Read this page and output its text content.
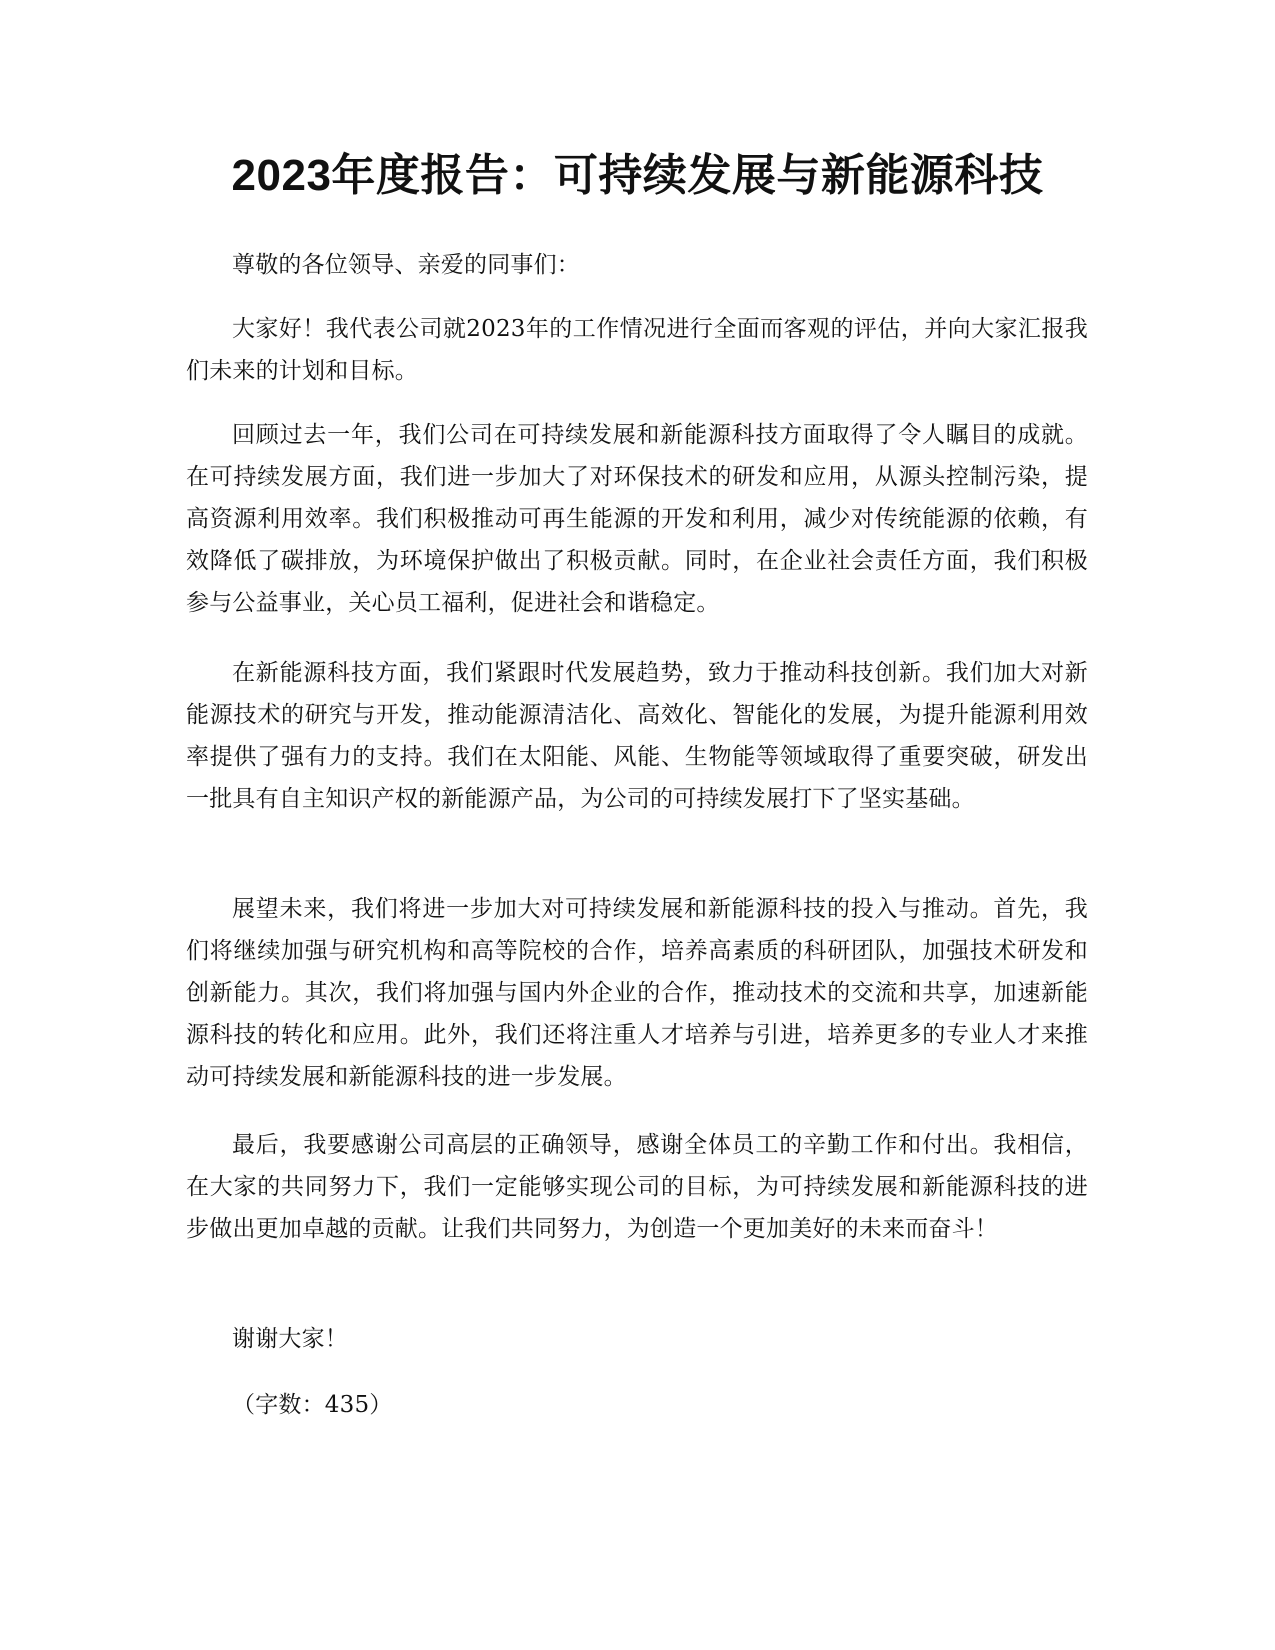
2023年度报告：可持续发展与新能源科技

尊敬的各位领导、亲爱的同事们：

大家好！我代表公司就2023年的工作情况进行全面而客观的评估，并向大家汇报我们未来的计划和目标。

回顾过去一年，我们公司在可持续发展和新能源科技方面取得了令人瞩目的成就。在可持续发展方面，我们进一步加大了对环保技术的研发和应用，从源头控制污染，提高资源利用效率。我们积极推动可再生能源的开发和利用，减少对传统能源的依赖，有效降低了碳排放，为环境保护做出了积极贡献。同时，在企业社会责任方面，我们积极参与公益事业，关心员工福利，促进社会和谐稳定。

在新能源科技方面，我们紧跟时代发展趋势，致力于推动科技创新。我们加大对新能源技术的研究与开发，推动能源清洁化、高效化、智能化的发展，为提升能源利用效率提供了强有力的支持。我们在太阳能、风能、生物能等领域取得了重要突破，研发出一批具有自主知识产权的新能源产品，为公司的可持续发展打下了坚实基础。

展望未来，我们将进一步加大对可持续发展和新能源科技的投入与推动。首先，我们将继续加强与研究机构和高等院校的合作，培养高素质的科研团队，加强技术研发和创新能力。其次，我们将加强与国内外企业的合作，推动技术的交流和共享，加速新能源科技的转化和应用。此外，我们还将注重人才培养与引进，培养更多的专业人才来推动可持续发展和新能源科技的进一步发展。

最后，我要感谢公司高层的正确领导，感谢全体员工的辛勤工作和付出。我相信，在大家的共同努力下，我们一定能够实现公司的目标，为可持续发展和新能源科技的进步做出更加卓越的贡献。让我们共同努力，为创造一个更加美好的未来而奋斗！

谢谢大家！

（字数：435）
